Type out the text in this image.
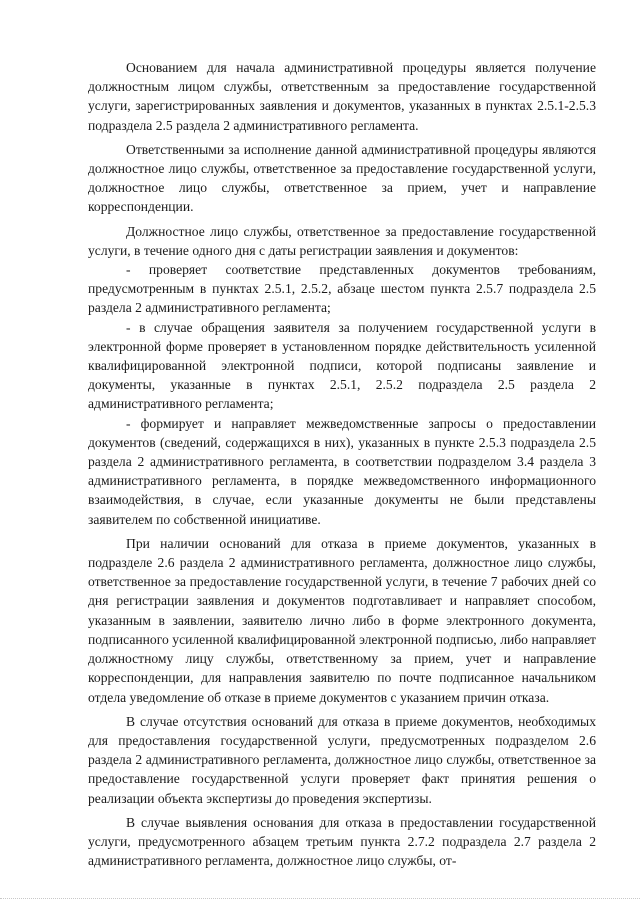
Основанием для начала административной процедуры является получение должностным лицом службы, ответственным за предоставление государственной услуги, зарегистрированных заявления и документов, указанных в пунктах 2.5.1-2.5.3 подраздела 2.5 раздела 2 административного регламента.

Ответственными за исполнение данной административной процедуры являются должностное лицо службы, ответственное за предоставление государственной услуги, должностное лицо службы, ответственное за прием, учет и направление корреспонденции.

Должностное лицо службы, ответственное за предоставление государственной услуги, в течение одного дня с даты регистрации заявления и документов:

- проверяет соответствие представленных документов требованиям, предусмотренным в пунктах 2.5.1, 2.5.2, абзаце шестом пункта 2.5.7 подраздела 2.5 раздела 2 административного регламента;

- в случае обращения заявителя за получением государственной услуги в электронной форме проверяет в установленном порядке действительность усиленной квалифицированной электронной подписи, которой подписаны заявление и документы, указанные в пунктах 2.5.1, 2.5.2 подраздела 2.5 раздела 2 административного регламента;

- формирует и направляет межведомственные запросы о предоставлении документов (сведений, содержащихся в них), указанных в пункте 2.5.3 подраздела 2.5 раздела 2 административного регламента, в соответствии подразделом 3.4 раздела 3 административного регламента, в порядке межведомственного информационного взаимодействия, в случае, если указанные документы не были представлены заявителем по собственной инициативе.

При наличии оснований для отказа в приеме документов, указанных в подразделе 2.6 раздела 2 административного регламента, должностное лицо службы, ответственное за предоставление государственной услуги, в течение 7 рабочих дней со дня регистрации заявления и документов подготавливает и направляет способом, указанным в заявлении, заявителю лично либо в форме электронного документа, подписанного усиленной квалифицированной электронной подписью, либо направляет должностному лицу службы, ответственному за прием, учет и направление корреспонденции, для направления заявителю по почте подписанное начальником отдела уведомление об отказе в приеме документов с указанием причин отказа.

В случае отсутствия оснований для отказа в приеме документов, необходимых для предоставления государственной услуги, предусмотренных подразделом 2.6 раздела 2 административного регламента, должностное лицо службы, ответственное за предоставление государственной услуги проверяет факт принятия решения о реализации объекта экспертизы до проведения экспертизы.

В случае выявления основания для отказа в предоставлении государственной услуги, предусмотренного абзацем третьим пункта 2.7.2 подраздела 2.7 раздела 2 административного регламента, должностное лицо службы, от-
